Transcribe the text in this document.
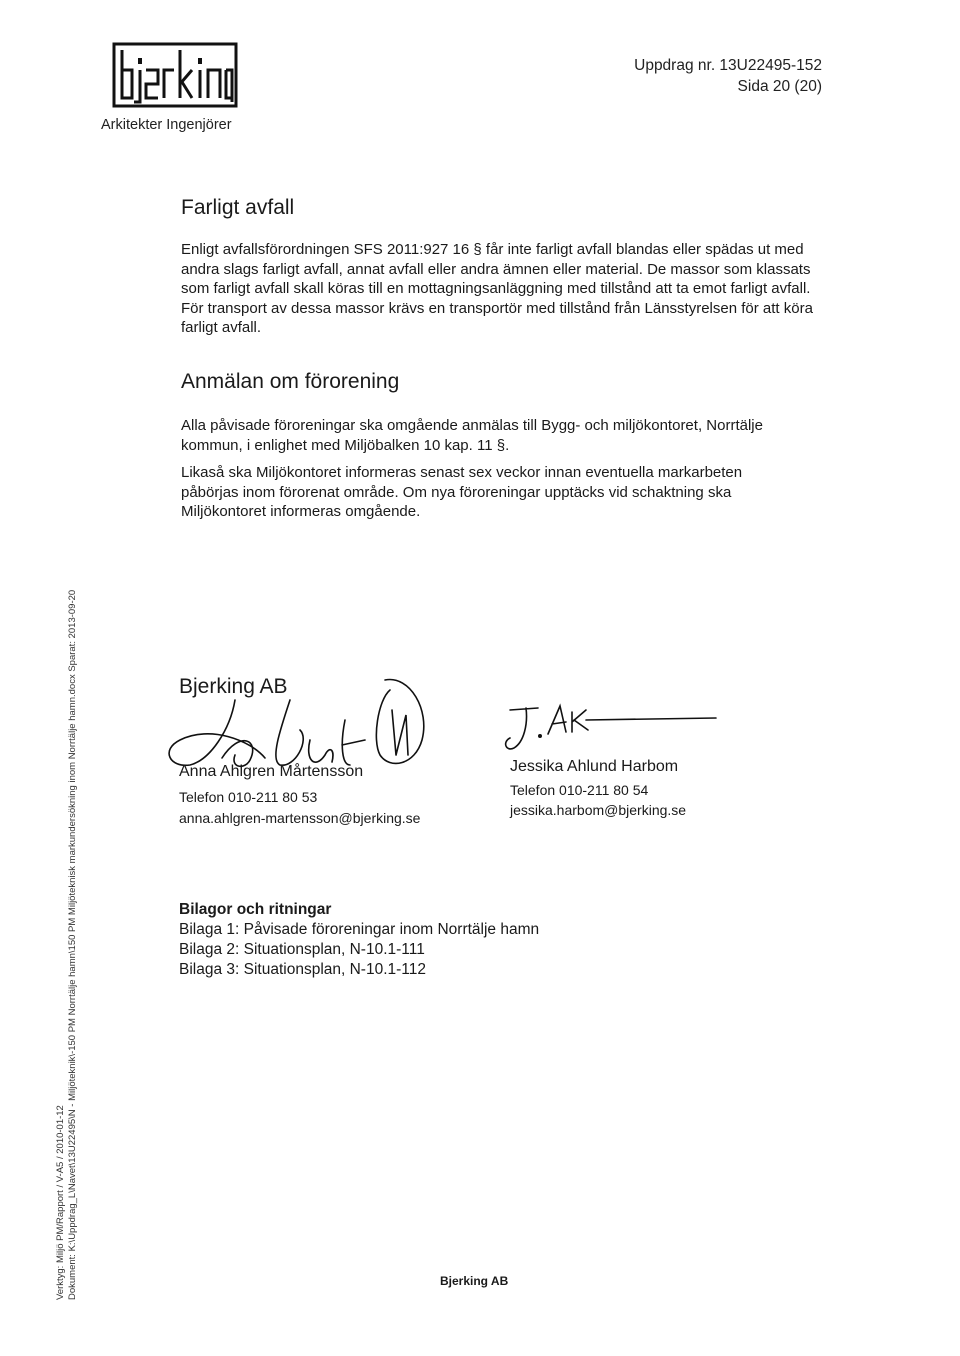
Arkitekter Ingenjörer
Uppdrag nr. 13U22495-152
Sida 20 (20)
Farligt avfall
Enligt avfallsförordningen SFS 2011:927 16 § får inte farligt avfall blandas eller spädas ut med andra slags farligt avfall, annat avfall eller andra ämnen eller material. De massor som klassats som farligt avfall skall köras till en mottagningsanläggning med tillstånd att ta emot farligt avfall. För transport av dessa massor krävs en transportör med tillstånd från Länsstyrelsen för att köra farligt avfall.
Anmälan om förorening
Alla påvisade föroreningar ska omgående anmälas till Bygg- och miljökontoret, Norrtälje kommun, i enlighet med Miljöbalken 10 kap. 11 §.
Likaså ska Miljökontoret informeras senast sex veckor innan eventuella markarbeten påbörjas inom förorenat område. Om nya föroreningar upptäcks vid schaktning ska Miljökontoret informeras omgående.
Bjerking AB
Anna Ahlgren Mårtensson
Telefon 010-211 80 53
anna.ahlgren-martensson@bjerking.se
Jessika Ahlund Harbom
Telefon 010-211 80 54
jessika.harbom@bjerking.se
Bilagor och ritningar
Bilaga 1: Påvisade föroreningar inom Norrtälje hamn
Bilaga 2: Situationsplan, N-10.1-111
Bilaga 3: Situationsplan, N-10.1-112
Bjerking AB
Verktyg: Miljö PM/Rapport / V-A5 / 2010-01-12 Dokument: K:\Uppdrag_L\Navet\13U22495\N - Miljöteknik\-150 PM Norrtälje hamn\150 PM Miljöteknisk markundersökning inom Norrtälje hamn.docx Sparat: 2013-09-20
